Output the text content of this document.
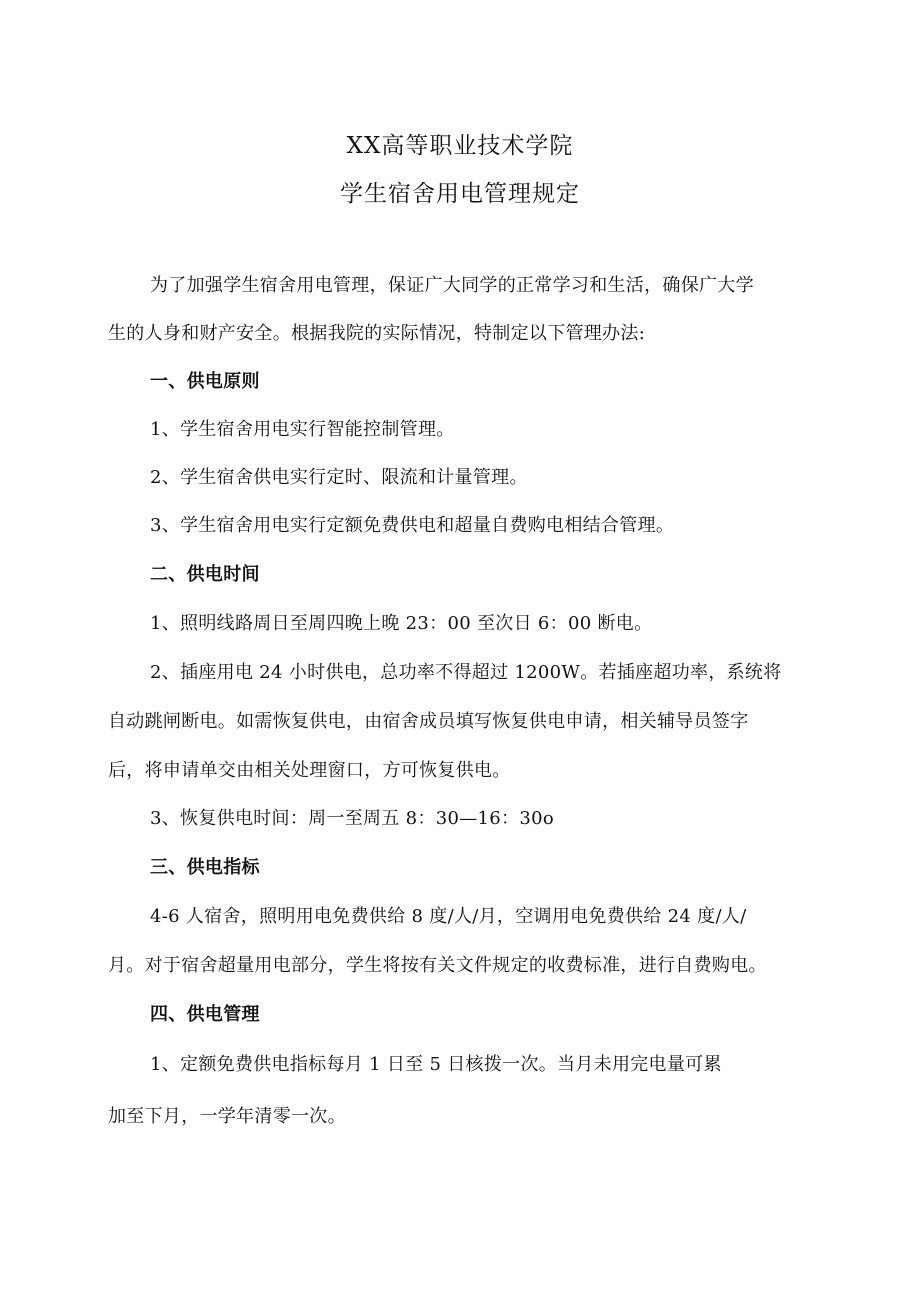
XX高等职业技术学院
学生宿舍用电管理规定
为了加强学生宿舍用电管理，保证广大同学的正常学习和生活，确保广大学
生的人身和财产安全。根据我院的实际情况，特制定以下管理办法:
一、供电原则
1、学生宿舍用电实行智能控制管理。
2、学生宿舍供电实行定时、限流和计量管理。
3、学生宿舍用电实行定额免费供电和超量自费购电相结合管理。
二、供电时间
1、照明线路周日至周四晚上晚 23：00 至次日 6：00 断电。
2、插座用电 24 小时供电，总功率不得超过 1200W。若插座超功率，系统将
自动跳闸断电。如需恢复供电，由宿舍成员填写恢复供电申请，相关辅导员签字
后，将申请单交由相关处理窗口，方可恢复供电。
3、恢复供电时间：周一至周五 8：30—16：30o
三、供电指标
4-6 人宿舍，照明用电免费供给 8 度/人/月，空调用电免费供给 24 度/人/
月。对于宿舍超量用电部分，学生将按有关文件规定的收费标准，进行自费购电。
四、供电管理
1、定额免费供电指标每月 1 日至 5 日核拨一次。当月未用完电量可累
加至下月，一学年清零一次。
